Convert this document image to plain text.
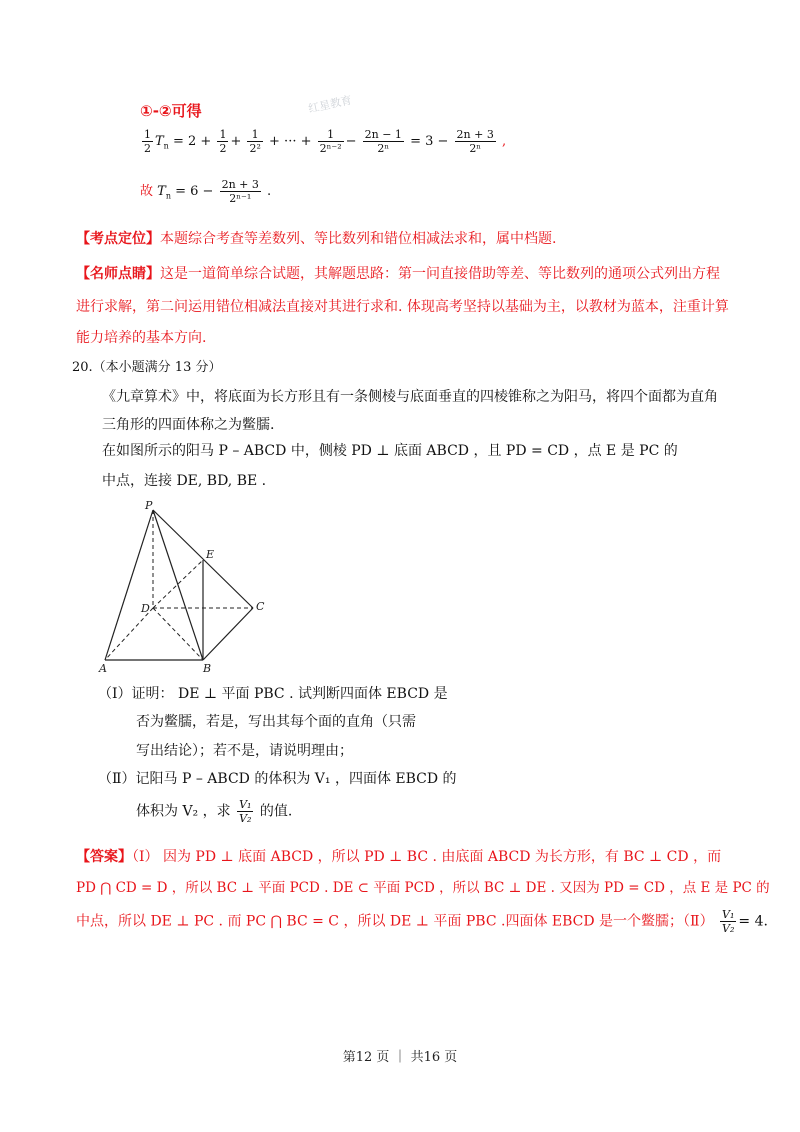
①-②可得	红星教育
$\frac{1}{2} T_n = 2 + \frac{1}{2} + \frac{1}{\text{2²}}$ + ··· + $\frac{1}{\text{2ⁿ⁻²}} - \frac{2n - 1}{\text{2ⁿ}} = 3 - \frac{2n + 3}{\text{2ⁿ}}$ ,
故 $T_n = 6 - \frac{2n + 3}{\text{2ⁿ⁻¹}}$ .
【考点定位】本题综合考查等差数列、等比数列和错位相减法求和，属中档题.
【名师点睛】这是一道简单综合试题，其解题思路：第一问直接借助等差、等比数列的通项公式列出方程
进行求解，第二问运用错位相减法直接对其进行求和. 体现高考坚持以基础为主，以教材为蓝本，注重计算
能力培养的基本方向.
20.（本小题满分 13 分）
《九章算术》中，将底面为长方形且有一条侧棱与底面垂直的四棱锥称之为阳马，将四个面都为直角
三角形的四面体称之为鳖臑.
在如图所示的阳马 P – ABCD 中，侧棱 PD ⊥ 底面 ABCD ，且 PD = CD ，点 E 是 PC 的
中点，连接 DE, BD, BE .
P
E
D	C
A	B
（Ⅰ）证明： DE ⊥ 平面 PBC . 试判断四面体 EBCD 是
否为鳖臑，若是，写出其每个面的直角（只需
写出结论）；若不是，请说明理由；
（Ⅱ）记阳马 P – ABCD 的体积为 V₁ ，四面体 EBCD 的
体积为 V₂ ，求 $\frac{\text{V₁}}{\text{V₂}}$ 的值.
【答案】（Ⅰ） 因为 PD ⊥ 底面 ABCD ，所以 PD ⊥ BC . 由底面 ABCD 为长方形，有 BC ⊥ CD ，而
PD ⋂ CD = D ，所以 BC ⊥ 平面 PCD . DE ⊂ 平面 PCD ，所以 BC ⊥ DE . 又因为 PD = CD ，点 E 是 PC 的
中点，所以 DE ⊥ PC . 而 PC ⋂ BC = C ，所以 DE ⊥ 平面 PBC .四面体 EBCD 是一个鳖臑；（Ⅱ） $\frac{\text{V₁}}{\text{V₂}} = 4$.
第12 页 ｜ 共16 页
